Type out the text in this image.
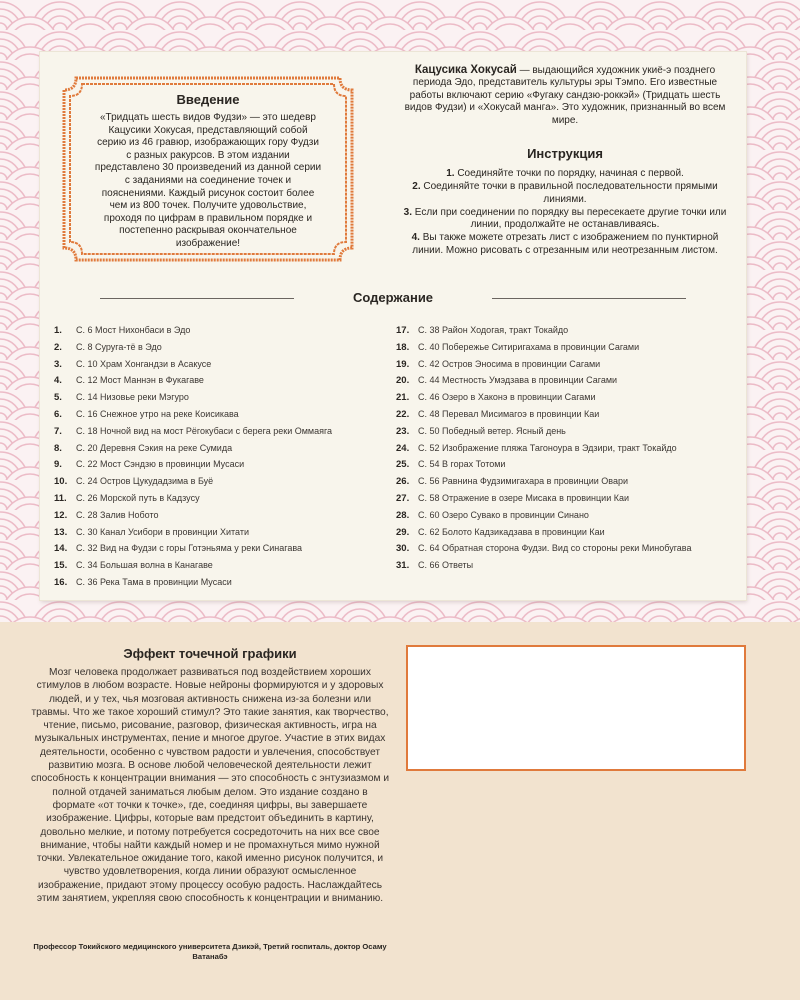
Введение
«Тридцать шесть видов Фудзи» — это шедевр Кацусики Хокусая, представляющий собой серию из 46 гравюр, изображающих гору Фудзи с разных ракурсов. В этом издании представлено 30 произведений из данной серии с заданиями на соединение точек и пояснениями. Каждый рисунок состоит более чем из 800 точек. Получите удовольствие, проходя по цифрам в правильном порядке и постепенно раскрывая окончательное изображение!
Кацусика Хокусай — выдающийся художник укиё-э позднего периода Эдо, представитель культуры эры Тэмпо. Его известные работы включают серию «Фугаку сандзю-роккэй» (Тридцать шесть видов Фудзи) и «Хокусай манга». Это художник, признанный во всем мире.
Инструкция
1. Соединяйте точки по порядку, начиная с первой.
2. Соединяйте точки в правильной последовательности прямыми линиями.
3. Если при соединении по порядку вы пересекаете другие точки или линии, продолжайте не останавливаясь.
4. Вы также можете отрезать лист с изображением по пунктирной линии. Можно рисовать с отрезанным или неотрезанным листом.
Содержание
1. С. 6 Мост Нихонбаси в Эдо
2. С. 8 Суруга-тё в Эдо
3. С. 10 Храм Хонгандзи в Асакусе
4. С. 12 Мост Маннэн в Фукагаве
5. С. 14 Низовье реки Мэгуро
6. С. 16 Снежное утро на реке Коисикава
7. С. 18 Ночной вид на мост Рёгокубаси с берега реки Оммаяга
8. С. 20 Деревня Сэкия на реке Сумида
9. С. 22 Мост Сэндзю в провинции Мусаси
10. С. 24 Остров Цукудадзима в Буё
11. С. 26 Морской путь в Кадзусу
12. С. 28 Залив Нобото
13. С. 30 Канал Усибори в провинции Хитати
14. С. 32 Вид на Фудзи с горы Готэньяма у реки Синагава
15. С. 34 Большая волна в Канагаве
16. С. 36 Река Тама в провинции Мусаси
17. С. 38 Район Ходогая, тракт Токайдо
18. С. 40 Побережье Ситиригахама в провинции Сагами
19. С. 42 Остров Эносима в провинции Сагами
20. С. 44 Местность Умэдзава в провинции Сагами
21. С. 46 Озеро в Хаконэ в провинции Сагами
22. С. 48 Перевал Мисимагоэ в провинции Каи
23. С. 50 Победный ветер. Ясный день
24. С. 52 Изображение пляжа Тагоноура в Эдзири, тракт Токайдо
25. С. 54 В горах Тотоми
26. С. 56 Равнина Фудзимигахара в провинции Овари
27. С. 58 Отражение в озере Мисака в провинции Каи
28. С. 60 Озеро Сувако в провинции Синано
29. С. 62 Болото Кадзикадзава в провинции Каи
30. С. 64 Обратная сторона Фудзи. Вид со стороны реки Минобугава
31. С. 66 Ответы
Эффект точечной графики
Мозг человека продолжает развиваться под воздействием хороших стимулов в любом возрасте. Новые нейроны формируются и у здоровых людей, и у тех, чья мозговая активность снижена из-за болезни или травмы. Что же такое хороший стимул? Это такие занятия, как творчество, чтение, письмо, рисование, разговор, физическая активность, игра на музыкальных инструментах, пение и многое другое. Участие в этих видах деятельности, особенно с чувством радости и увлечения, способствует развитию мозга. В основе любой человеческой деятельности лежит способность к концентрации внимания — это способность с энтузиазмом и полной отдачей заниматься любым делом. Это издание создано в формате «от точки к точке», где, соединяя цифры, вы завершаете изображение. Цифры, которые вам предстоит объединить в картину, довольно мелкие, и потому потребуется сосредоточить на них все свое внимание, чтобы найти каждый номер и не промахнуться мимо нужной точки. Увлекательное ожидание того, какой именно рисунок получится, и чувство удовлетворения, когда линии образуют осмысленное изображение, придают этому процессу особую радость. Наслаждайтесь этим занятием, укрепляя свою способность к концентрации и вниманию.
Профессор Токийского медицинского университета Дзикэй, Третий госпиталь, доктор Осаму Ватанабэ
